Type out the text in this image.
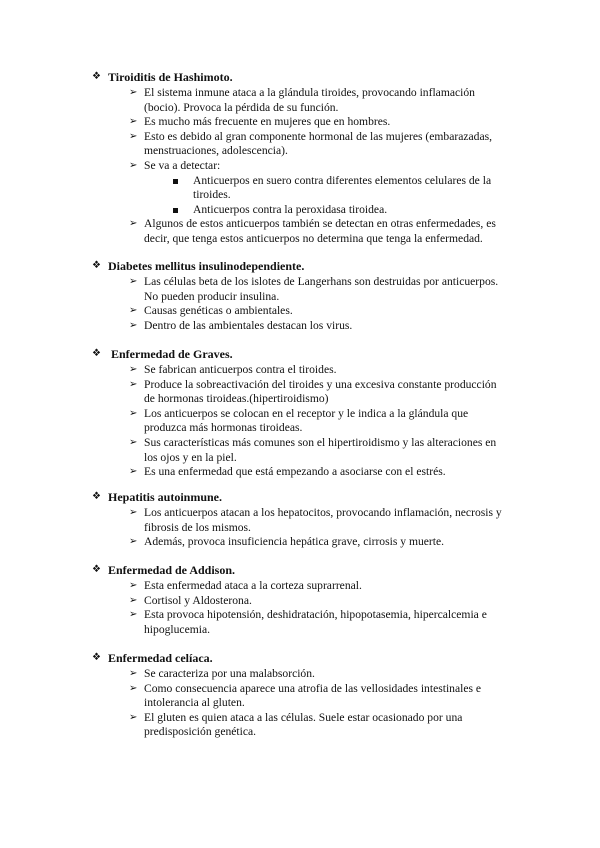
❖ Tiroiditis de Hashimoto.
➢ El sistema inmune ataca a la glándula tiroides, provocando inflamación
(bocio). Provoca la pérdida de su función.
➢ Es mucho más frecuente en mujeres que en hombres.
➢ Esto es debido al gran componente hormonal de las mujeres (embarazadas,
menstruaciones, adolescencia).
➢ Se va a detectar:
Anticuerpos en suero contra diferentes elementos celulares de la
tiroides.
Anticuerpos contra la peroxidasa tiroidea.
➢ Algunos de estos anticuerpos también se detectan en otras enfermedades, es
decir, que tenga estos anticuerpos no determina que tenga la enfermedad.
❖ Diabetes mellitus insulinodependiente.
➢ Las células beta de los islotes de Langerhans son destruidas por anticuerpos.
No pueden producir insulina.
➢ Causas genéticas o ambientales.
➢ Dentro de las ambientales destacan los virus.
❖ Enfermedad de Graves.
➢ Se fabrican anticuerpos contra el tiroides.
➢ Produce la sobreactivación del tiroides y una excesiva constante producción
de hormonas tiroideas.(hipertiroidismo)
➢ Los anticuerpos se colocan en el receptor y le indica a la glándula que
produzca más hormonas tiroideas.
➢ Sus características más comunes son el hipertiroidismo y las alteraciones en
los ojos y en la piel.
➢ Es una enfermedad que está empezando a asociarse con el estrés.
❖ Hepatitis autoinmune.
➢ Los anticuerpos atacan a los hepatocitos, provocando inflamación, necrosis y
fibrosis de los mismos.
➢ Además, provoca insuficiencia hepática grave, cirrosis y muerte.
❖ Enfermedad de Addison.
➢ Esta enfermedad ataca a la corteza suprarrenal.
➢ Cortisol y Aldosterona.
➢ Esta provoca hipotensión, deshidratación, hipopotasemia, hipercalcemia e
hipoglucemia.
❖ Enfermedad celíaca.
➢ Se caracteriza por una malabsorción.
➢ Como consecuencia aparece una atrofia de las vellosidades intestinales e
intolerancia al gluten.
➢ El gluten es quien ataca a las células. Suele estar ocasionado por una
predisposición genética.
